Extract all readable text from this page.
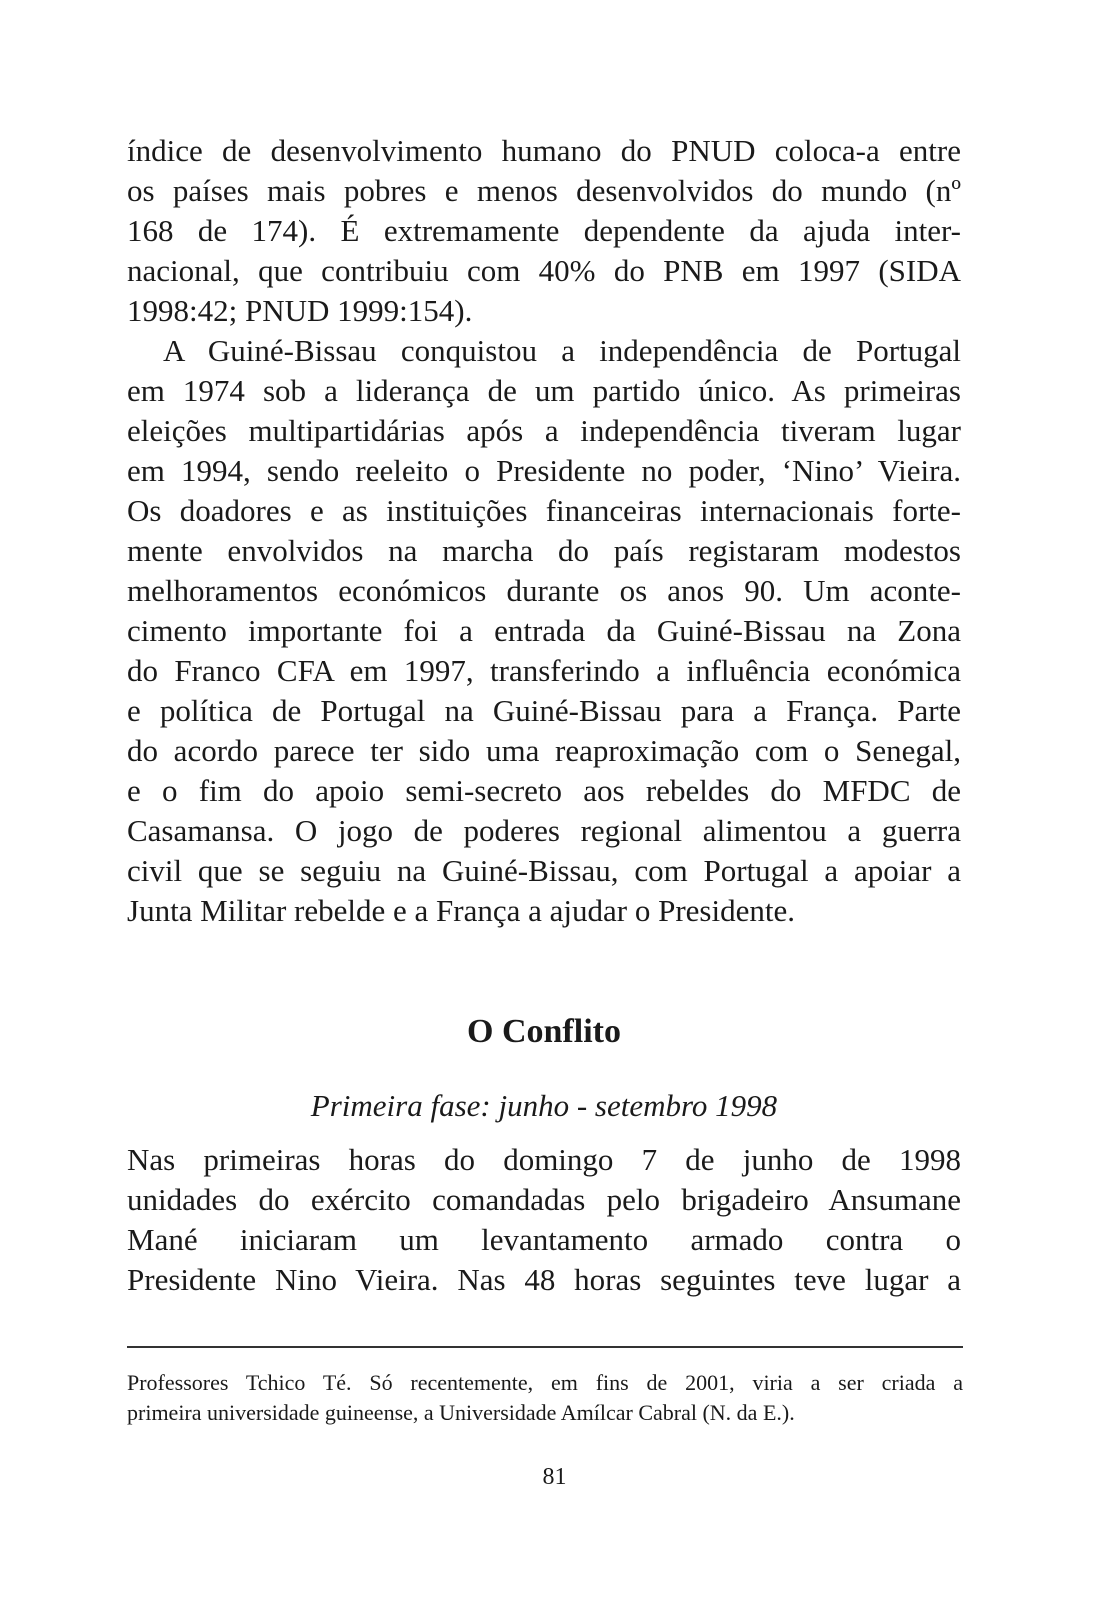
índice de desenvolvimento humano do PNUD coloca-a entre
os países mais pobres e menos desenvolvidos do mundo (nº
168 de 174). É extremamente dependente da ajuda inter-
nacional, que contribuiu com 40% do PNB em 1997 (SIDA
1998:42; PNUD 1999:154).
A Guiné-Bissau conquistou a independência de Portugal
em 1974 sob a liderança de um partido único. As primeiras
eleições multipartidárias após a independência tiveram lugar
em 1994, sendo reeleito o Presidente no poder, ‘Nino’ Vieira.
Os doadores e as instituições financeiras internacionais forte-
mente envolvidos na marcha do país registaram modestos
melhoramentos económicos durante os anos 90. Um aconte-
cimento importante foi a entrada da Guiné-Bissau na Zona
do Franco CFA em 1997, transferindo a influência económica
e política de Portugal na Guiné-Bissau para a França. Parte
do acordo parece ter sido uma reaproximação com o Senegal,
e o fim do apoio semi-secreto aos rebeldes do MFDC de
Casamansa. O jogo de poderes regional alimentou a guerra
civil que se seguiu na Guiné-Bissau, com Portugal a apoiar a
Junta Militar rebelde e a França a ajudar o Presidente.
O Conflito
Primeira fase: junho - setembro 1998
Nas primeiras horas do domingo 7 de junho de 1998
unidades do exército comandadas pelo brigadeiro Ansumane
Mané iniciaram um levantamento armado contra o
Presidente Nino Vieira. Nas 48 horas seguintes teve lugar a
Professores Tchico Té. Só recentemente, em fins de 2001, viria a ser criada a
primeira universidade guineense, a Universidade Amílcar Cabral (N. da E.).
81
